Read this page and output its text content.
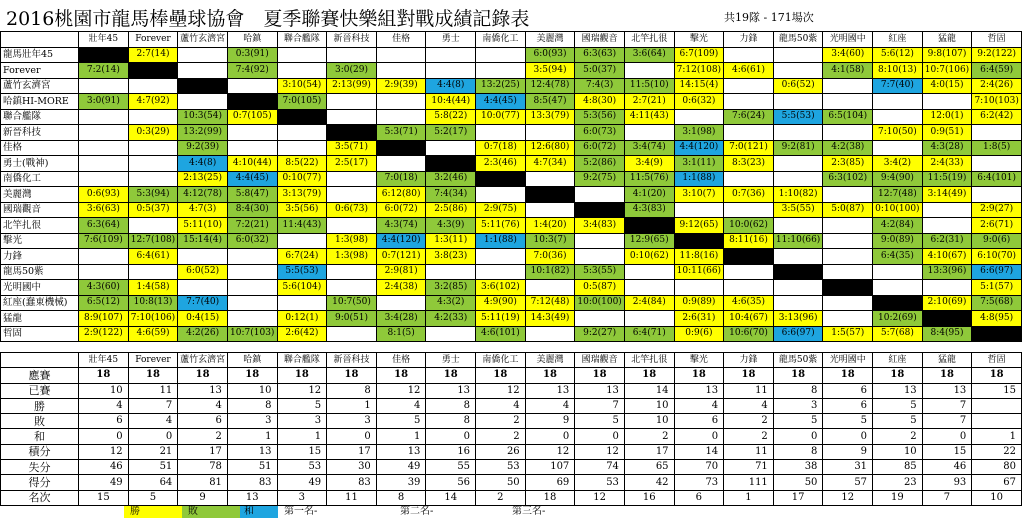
2016桃園市龍馬棒壘球協會　夏季聯賽快樂組對戰成績記錄表	共19隊 - 171場次
	壯年45	Forever	蘆竹玄濟宮	哈鎮	聯合艦隊	新晉科技	佳格	勇士	南僑化工	美麗灣	國瑞觀音	北竿扎很	擊光	力鋒	龍馬50紫	光明國中	紅座	猛龍	哲固
龍馬壯年45		2:7(14)		0:3(91)						6:0(93)	6:3(63)	3:6(64)	6:7(109)			3:4(60)	5:6(12)	9:8(107)	9:2(122)
Forever	7:2(14)			7:4(92)		3:0(29)				3:5(94)	5:0(37)		7:12(108)	4:6(61)		4:1(58)	8:10(13)	10:7(106)	6:4(59)
蘆竹玄濟宮					3:10(54)	2:13(99)	2:9(39)	4:4(8)	13:2(25)	12:4(78)	7:4(3)	11:5(10)	14:15(4)		0:6(52)		7:7(40)	4:0(15)	2:4(26)
哈鎮HI-MORE	3:0(91)	4:7(92)			7:0(105)			10:4(44)	4:4(45)	8:5(47)	4:8(30)	2:7(21)	0:6(32)						7:10(103)
聯合艦隊			10:3(54)	0:7(105)				5:8(22)	10:0(77)	13:3(79)	5:3(56)	4:11(43)		7:6(24)	5:5(53)	6:5(104)		12:0(1)	6:2(42)
新晉科技		0:3(29)	13:2(99)				5:3(71)	5:2(17)			6:0(73)		3:1(98)				7:10(50)	0:9(51)	
佳格			9:2(39)			3:5(71)			0:7(18)	12:6(80)	6:0(72)	3:4(74)	4:4(120)	7:0(121)	9:2(81)	4:2(38)		4:3(28)	1:8(5)
勇士(戰神)			4:4(8)	4:10(44)	8:5(22)	2:5(17)			2:3(46)	4:7(34)	5:2(86)	3:4(9)	3:1(11)	8:3(23)		2:3(85)	3:4(2)	2:4(33)	
南僑化工			2:13(25)	4:4(45)	0:10(77)		7:0(18)	3:2(46)			9:2(75)	11:5(76)	1:1(88)			6:3(102)	9:4(90)	11:5(19)	6:4(101)
美麗灣	0:6(93)	5:3(94)	4:12(78)	5:8(47)	3:13(79)		6:12(80)	7:4(34)				4:1(20)	3:10(7)	0:7(36)	1:10(82)		12:7(48)	3:14(49)	
國瑞觀音	3:6(63)	0:5(37)	4:7(3)	8:4(30)	3:5(56)	0:6(73)	6:0(72)	2:5(86)	2:9(75)			4:3(83)			3:5(55)	5:0(87)	0:10(100)		2:9(27)
北竿扎很	6:3(64)		5:11(10)	7:2(21)	11:4(43)		4:3(74)	4:3(9)	5:11(76)	1:4(20)	3:4(83)		9:12(65)	10:0(62)			4:2(84)		2:6(71)
擊光	7:6(109)	12:7(108)	15:14(4)	6:0(32)		1:3(98)	4:4(120)	1:3(11)	1:1(88)	10:3(7)		12:9(65)		8:11(16)	11:10(66)		9:0(89)	6:2(31)	9:0(6)
力鋒		6:4(61)			6:7(24)	1:3(98)	0:7(121)	3:8(23)		7:0(36)		0:10(62)	11:8(16)				6:4(35)	4:10(67)	6:10(70)
龍馬50紫			6:0(52)		5:5(53)		2:9(81)			10:1(82)	5:3(55)		10:11(66)					13:3(96)	6:6(97)
光明國中	4:3(60)	1:4(58)			5:6(104)		2:4(38)	3:2(85)	3:6(102)		0:5(87)								5:1(57)
紅座(蠢東機械)	6:5(12)	10:8(13)	7:7(40)			10:7(50)		4:3(2)	4:9(90)	7:12(48)	10:0(100)	2:4(84)	0:9(89)	4:6(35)				2:10(69)	7:5(68)
猛龍	8:9(107)	7:10(106)	0:4(15)		0:12(1)	9:0(51)	3:4(28)	4:2(33)	5:11(19)	14:3(49)			2:6(31)	10:4(67)	3:13(96)		10:2(69)		4:8(95)
哲固	2:9(122)	4:6(59)	4:2(26)	10:7(103)	2:6(42)		8:1(5)		4:6(101)		9:2(27)	6:4(71)	0:9(6)	10:6(70)	6:6(97)	1:5(57)	5:7(68)	8:4(95)	
	壯年45	Forever	蘆竹玄濟宮	哈鎮	聯合艦隊	新晉科技	佳格	勇士	南僑化工	美麗灣	國瑞觀音	北竿扎很	擊光	力鋒	龍馬50紫	光明國中	紅座	猛龍	哲固
應賽	18	18	18	18	18	18	18	18	18	18	18	18	18	18	18	18	18	18	18
已賽	10	11	13	10	12	8	12	13	12	13	13	14	13	11	8	6	13	13	15
勝	4	7	4	8	5	1	4	8	4	4	7	10	4	4	3	6	5	7	
敗	6	4	6	3	3	3	5	8	2	9	5	10	6	2	5	5	5	7	
和	0	0	2	1	1	0	1	0	2	0	0	2	0	2	0	0	2	0	1
積分	12	21	17	13	15	17	13	16	26	12	12	17	14	11	8	9	10	15	22
失分	46	51	78	51	53	30	49	55	53	107	74	65	70	71	38	31	85	46	80
得分	49	64	81	83	49	83	39	56	50	69	53	42	73	111	50	57	23	93	67
名次	15	5	9	13	3	11	8	14	2	18	12	16	6	1	17	12	19	7	10
勝	敗	和	第一名-	第二名-	第三名-
